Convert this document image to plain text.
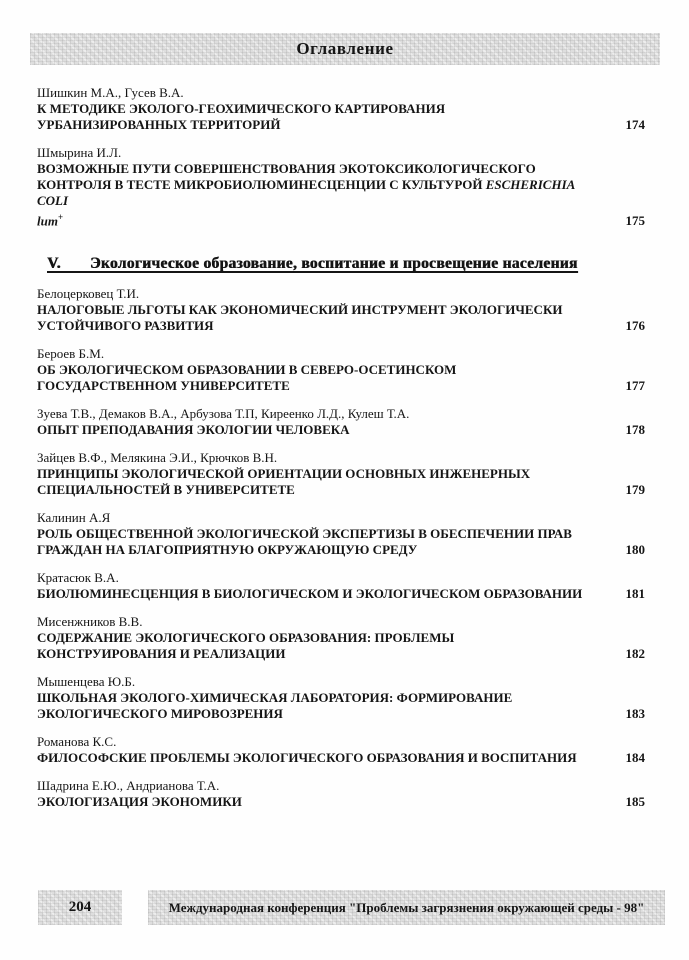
Оглавление
Шишкин М.А., Гусев В.А.
К МЕТОДИКЕ ЭКОЛОГО-ГЕОХИМИЧЕСКОГО КАРТИРОВАНИЯ УРБАНИЗИРОВАННЫХ ТЕРРИТОРИЙ	174
Шмырина И.Л.
ВОЗМОЖНЫЕ ПУТИ СОВЕРШЕНСТВОВАНИЯ ЭКОТОКСИКОЛОГИЧЕСКОГО КОНТРОЛЯ В ТЕСТЕ МИКРОБИОЛЮМИНЕСЦЕНЦИИ С КУЛЬТУРОЙ ESCHERICHIA COLI
lum+	175
V.       Экологическое образование, воспитание и просвещение населения
Белоцерковец Т.И.
НАЛОГОВЫЕ ЛЬГОТЫ КАК ЭКОНОМИЧЕСКИЙ ИНСТРУМЕНТ ЭКОЛОГИЧЕСКИ УСТОЙЧИВОГО РАЗВИТИЯ	176
Бероев Б.М.
ОБ ЭКОЛОГИЧЕСКОМ ОБРАЗОВАНИИ В СЕВЕРО-ОСЕТИНСКОМ ГОСУДАРСТВЕННОМ УНИВЕРСИТЕТЕ	177
Зуева Т.В., Демаков В.А., Арбузова Т.П, Киреенко Л.Д., Кулеш Т.А.
ОПЫТ ПРЕПОДАВАНИЯ ЭКОЛОГИИ ЧЕЛОВЕКА	178
Зайцев В.Ф., Мелякина Э.И., Крючков В.Н.
ПРИНЦИПЫ ЭКОЛОГИЧЕСКОЙ ОРИЕНТАЦИИ ОСНОВНЫХ ИНЖЕНЕРНЫХ СПЕЦИАЛЬНОСТЕЙ В УНИВЕРСИТЕТЕ	179
Калинин А.Я
РОЛЬ ОБЩЕСТВЕННОЙ ЭКОЛОГИЧЕСКОЙ ЭКСПЕРТИЗЫ В ОБЕСПЕЧЕНИИ ПРАВ ГРАЖДАН НА БЛАГОПРИЯТНУЮ ОКРУЖАЮЩУЮ СРЕДУ	180
Кратасюк В.А.
БИОЛЮМИНЕСЦЕНЦИЯ В БИОЛОГИЧЕСКОМ И ЭКОЛОГИЧЕСКОМ ОБРАЗОВАНИИ	181
Мисенжников В.В.
СОДЕРЖАНИЕ ЭКОЛОГИЧЕСКОГО ОБРАЗОВАНИЯ: ПРОБЛЕМЫ КОНСТРУИРОВАНИЯ И РЕАЛИЗАЦИИ	182
Мышенцева Ю.Б.
ШКОЛЬНАЯ ЭКОЛОГО-ХИМИЧЕСКАЯ ЛАБОРАТОРИЯ: ФОРМИРОВАНИЕ ЭКОЛОГИЧЕСКОГО МИРОВОЗРЕНИЯ	183
Романова К.С.
ФИЛОСОФСКИЕ ПРОБЛЕМЫ ЭКОЛОГИЧЕСКОГО ОБРАЗОВАНИЯ И ВОСПИТАНИЯ	184
Шадрина Е.Ю., Андрианова Т.А.
ЭКОЛОГИЗАЦИЯ ЭКОНОМИКИ	185
204	Международная конференция "Проблемы загрязнения окружающей среды - 98"
